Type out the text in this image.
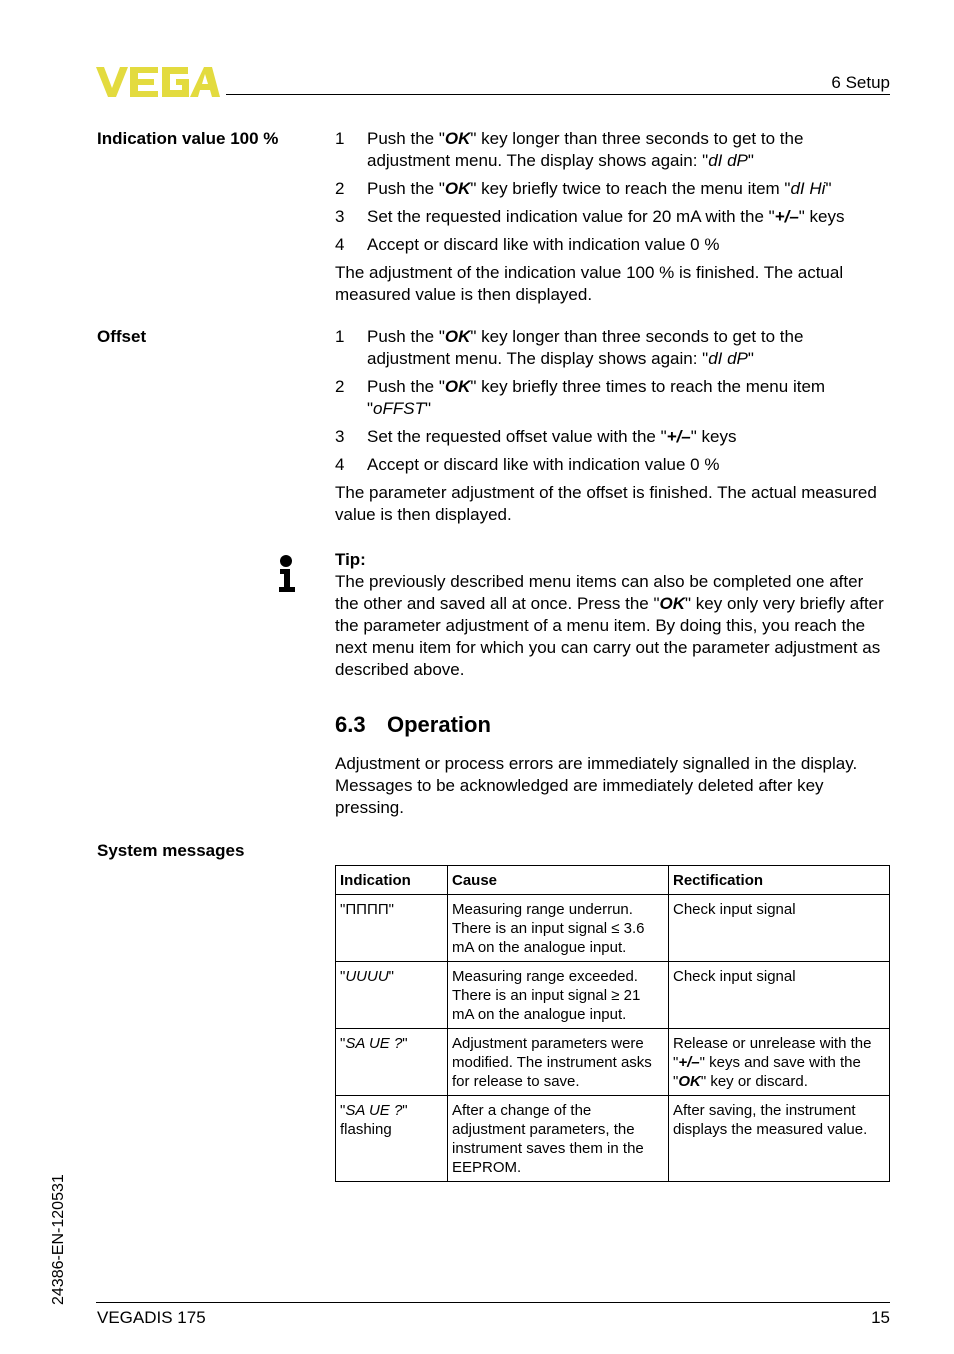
6 Setup
Indication value 100 %	1 Push the "OK" key longer than three seconds to get to the adjustment menu. The display shows again: "dI dP"
2 Push the "OK" key briefly twice to reach the menu item "dI Hi"
3 Set the requested indication value for 20 mA with the "+/–" keys
4 Accept or discard like with indication value 0 %
The adjustment of the indication value 100 % is finished. The actual measured value is then displayed.
Offset	1 Push the "OK" key longer than three seconds to get to the adjustment menu. The display shows again: "dI dP"
2 Push the "OK" key briefly three times to reach the menu item "oFFST"
3 Set the requested offset value with the "+/–" keys
4 Accept or discard like with indication value 0 %
The parameter adjustment of the offset is finished. The actual measured value is then displayed.
Tip:
The previously described menu items can also be completed one after the other and saved all at once. Press the "OK" key only very briefly after the parameter adjustment of a menu item. By doing this, you reach the next menu item for which you can carry out the parameter adjustment as described above.
6.3 Operation
Adjustment or process errors are immediately signalled in the display. Messages to be acknowledged are immediately deleted after key pressing.
System messages
Indication	Cause	Rectification
"ΠΠΠΠ"	Measuring range underrun. There is an input signal ≤ 3.6 mA on the analogue input.	Check input signal
"UUUU"	Measuring range exceeded. There is an input signal ≥ 21 mA on the analogue input.	Check input signal
"SA UE ?"	Adjustment parameters were modified. The instrument asks for release to save.	Release or unrelease with the "+/–" keys and save with the "OK" key or discard.
"SA UE ?" flashing	After a change of the adjustment parameters, the instrument saves them in the EEPROM.	After saving, the instrument displays the measured value.
24386-EN-120531
VEGADIS 175	15
